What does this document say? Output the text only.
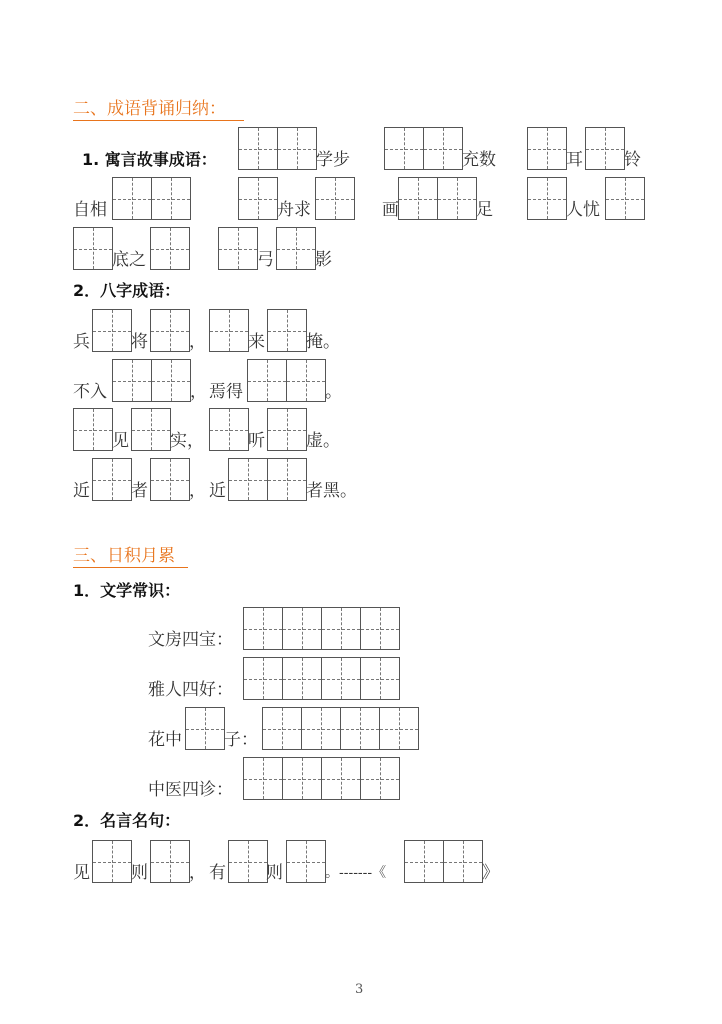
二、成语背诵归纳：
1. 寓言故事成语：	学步	充数	耳 铃
自相	舟求	画	足	人忧
底之	弓 影
2．八字成语：
兵 将 ， 来 掩。
不入	， 焉得	。
见 实，	听 虚。
近 者 ， 近	者黑。
三、日积月累
1．文学常识：
文房四宝：
雅人四好：
花中 子：
中医四诊：
2．名言名句：
见 则 ， 有 则	。-------《	》
3
